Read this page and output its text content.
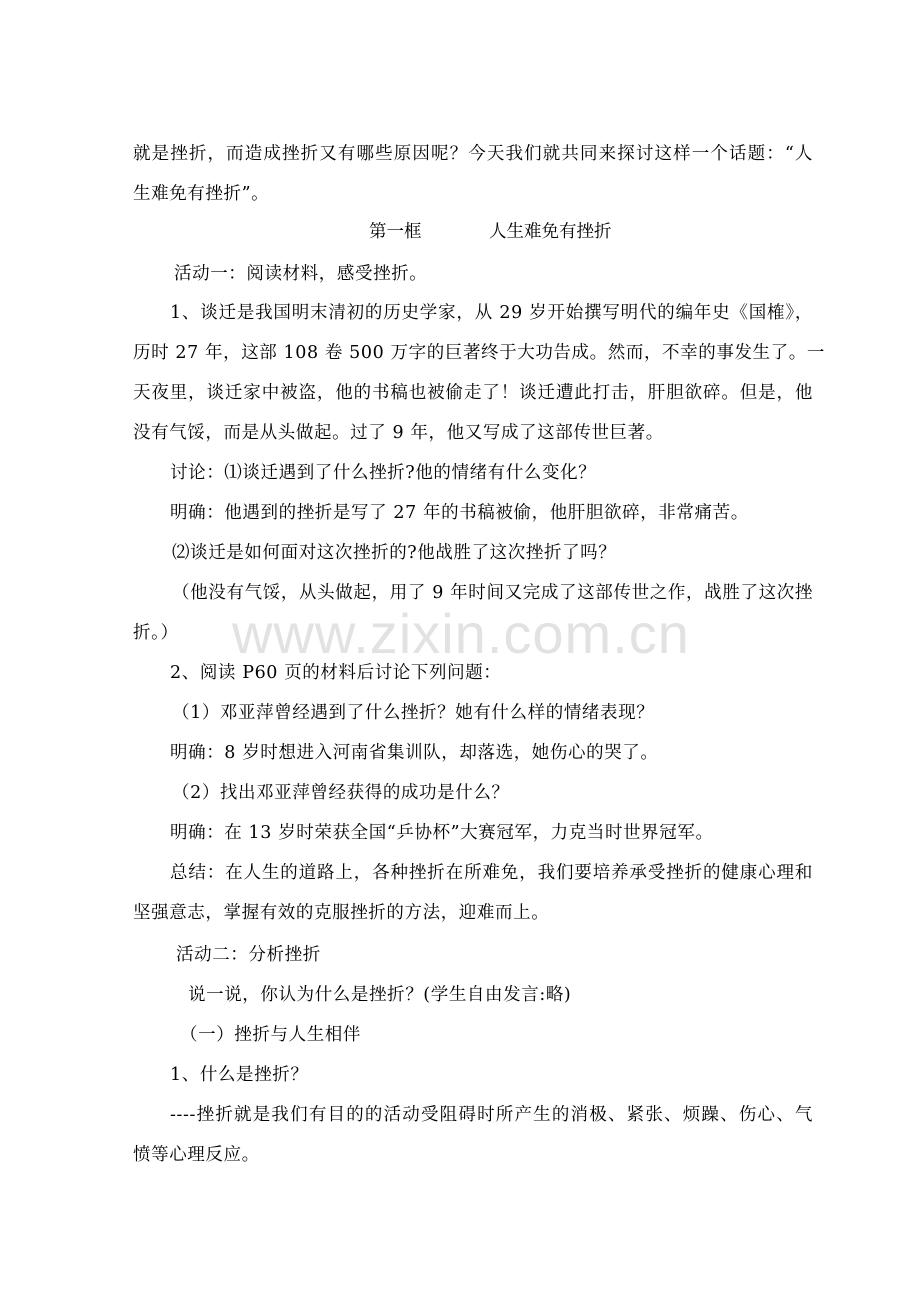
就是挫折，而造成挫折又有哪些原因呢？今天我们就共同来探讨这样一个话题：“人
生难免有挫折”。
第一框	人生难免有挫折
活动一：阅读材料，感受挫折。
1、谈迁是我国明末清初的历史学家，从 29 岁开始撰写明代的编年史《国榷》，
历时 27 年，这部 108 卷 500 万字的巨著终于大功告成。然而，不幸的事发生了。一
天夜里，谈迁家中被盗，他的书稿也被偷走了！谈迁遭此打击，肝胆欲碎。但是，他
没有气馁，而是从头做起。过了 9 年，他又写成了这部传世巨著。
讨论：⑴谈迁遇到了什么挫折?他的情绪有什么变化？
明确：他遇到的挫折是写了 27 年的书稿被偷，他肝胆欲碎，非常痛苦。
⑵谈迁是如何面对这次挫折的?他战胜了这次挫折了吗？
（他没有气馁，从头做起，用了 9 年时间又完成了这部传世之作，战胜了这次挫
折。）
2、阅读 P60 页的材料后讨论下列问题：
（1）邓亚萍曾经遇到了什么挫折？她有什么样的情绪表现？
明确：8 岁时想进入河南省集训队，却落选，她伤心的哭了。
（2）找出邓亚萍曾经获得的成功是什么？
明确：在 13 岁时荣获全国“乒协杯”大赛冠军，力克当时世界冠军。
总结：在人生的道路上，各种挫折在所难免，我们要培养承受挫折的健康心理和
坚强意志，掌握有效的克服挫折的方法，迎难而上。
活动二：分析挫折
说一说，你认为什么是挫折？(学生自由发言:略)
（一）挫折与人生相伴
1、什么是挫折？
----挫折就是我们有目的的活动受阻碍时所产生的消极、紧张、烦躁、伤心、气
愤等心理反应。
www.zixin.com.cn
